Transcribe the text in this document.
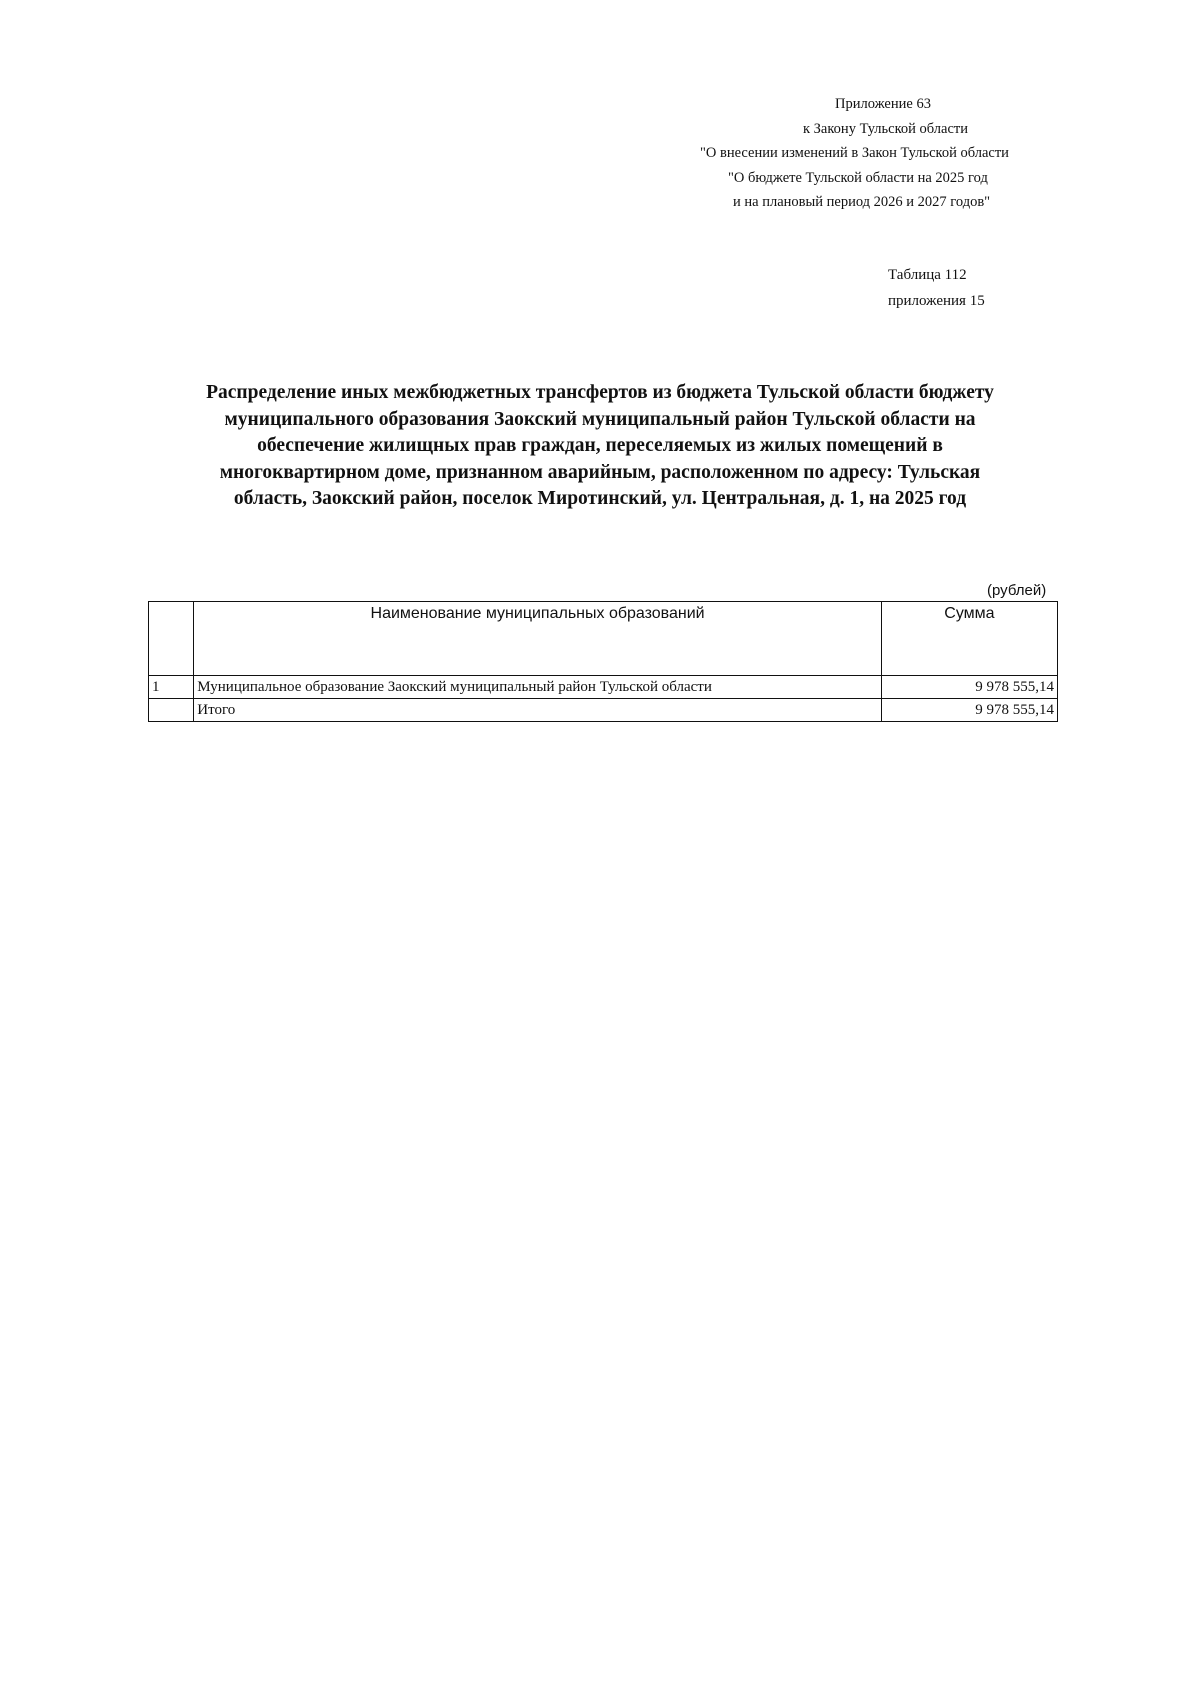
Приложение 63
к Закону Тульской области
"О внесении изменений в Закон Тульской области
"О бюджете Тульской области на 2025 год
и на плановый период 2026 и 2027 годов"
Таблица 112
приложения 15
Распределение иных межбюджетных трансфертов из бюджета Тульской области бюджету
муниципального образования Заокский муниципальный район Тульской области на
обеспечение жилищных прав граждан, переселяемых из жилых помещений в
многоквартирном доме, признанном аварийным, расположенном по адресу: Тульская
область, Заокский район, поселок Миротинский, ул. Центральная, д. 1, на 2025 год
(рублей)
	Наименование муниципальных образований	Сумма
1	Муниципальное образование Заокский муниципальный район Тульской области	9 978 555,14
	Итого	9 978 555,14
